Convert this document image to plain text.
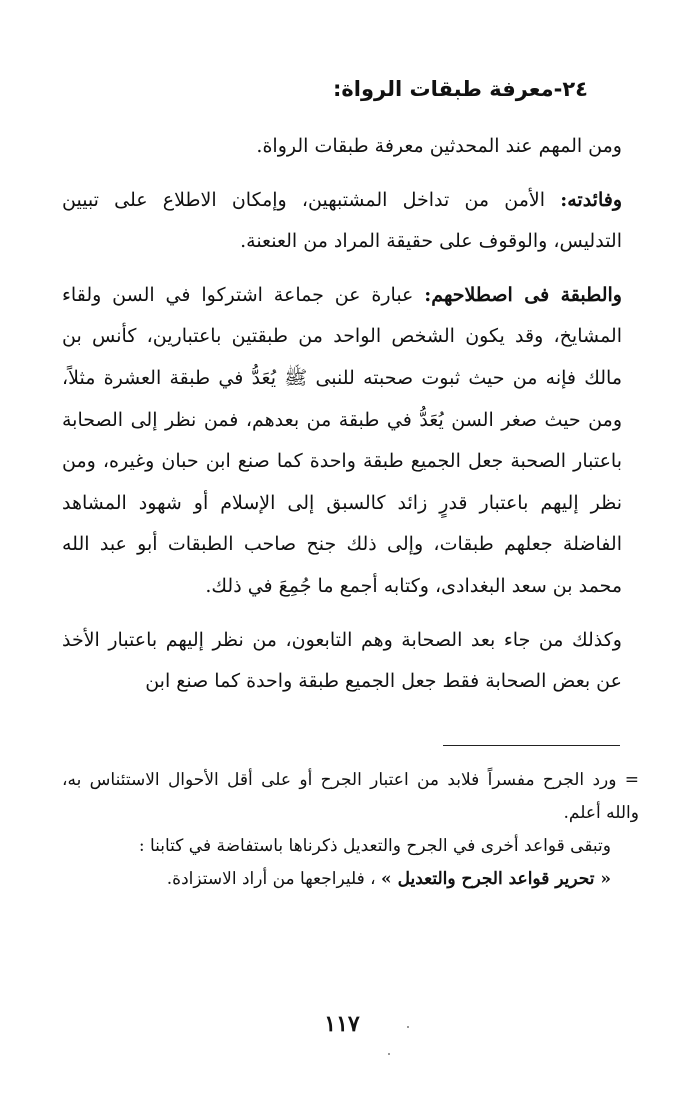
٢٤-معرفة طبقات الرواة:

ومن المهم عند المحدثين معرفة طبقات الرواة.

وفائدته: الأمن من تداخل المشتبهين، وإمكان الاطلاع على تبيين التدليس، والوقوف على حقيقة المراد من العنعنة.

والطبقة فى اصطلاحهم: عبارة عن جماعة اشتركوا في السن ولقاء المشايخ، وقد يكون الشخص الواحد من طبقتين باعتبارين، كأنس بن مالك فإنه من حيث ثبوت صحبته للنبى ﷺ يُعَدُّ في طبقة العشرة مثلاً، ومن حيث صغر السن يُعَدُّ في طبقة من بعدهم، فمن نظر إلى الصحابة باعتبار الصحبة جعل الجميع طبقة واحدة كما صنع ابن حبان وغيره، ومن نظر إليهم باعتبار قدرٍ زائد كالسبق إلى الإسلام أو شهود المشاهد الفاضلة جعلهم طبقات، وإلى ذلك جنح صاحب الطبقات أبو عبد الله محمد بن سعد البغدادى، وكتابه أجمع ما جُمِعَ في ذلك.

وكذلك من جاء بعد الصحابة وهم التابعون، من نظر إليهم باعتبار الأخذ عن بعض الصحابة فقط جعل الجميع طبقة واحدة كما صنع ابن

= ورد الجرح مفسراً فلابد من اعتبار الجرح أو على أقل الأحوال الاستئناس به، والله أعلم.

وتبقى قواعد أخرى في الجرح والتعديل ذكرناها باستفاضة في كتابنا :

« تحرير قواعد الجرح والتعديل » ، فليراجعها من أراد الاستزادة.

١١٧
